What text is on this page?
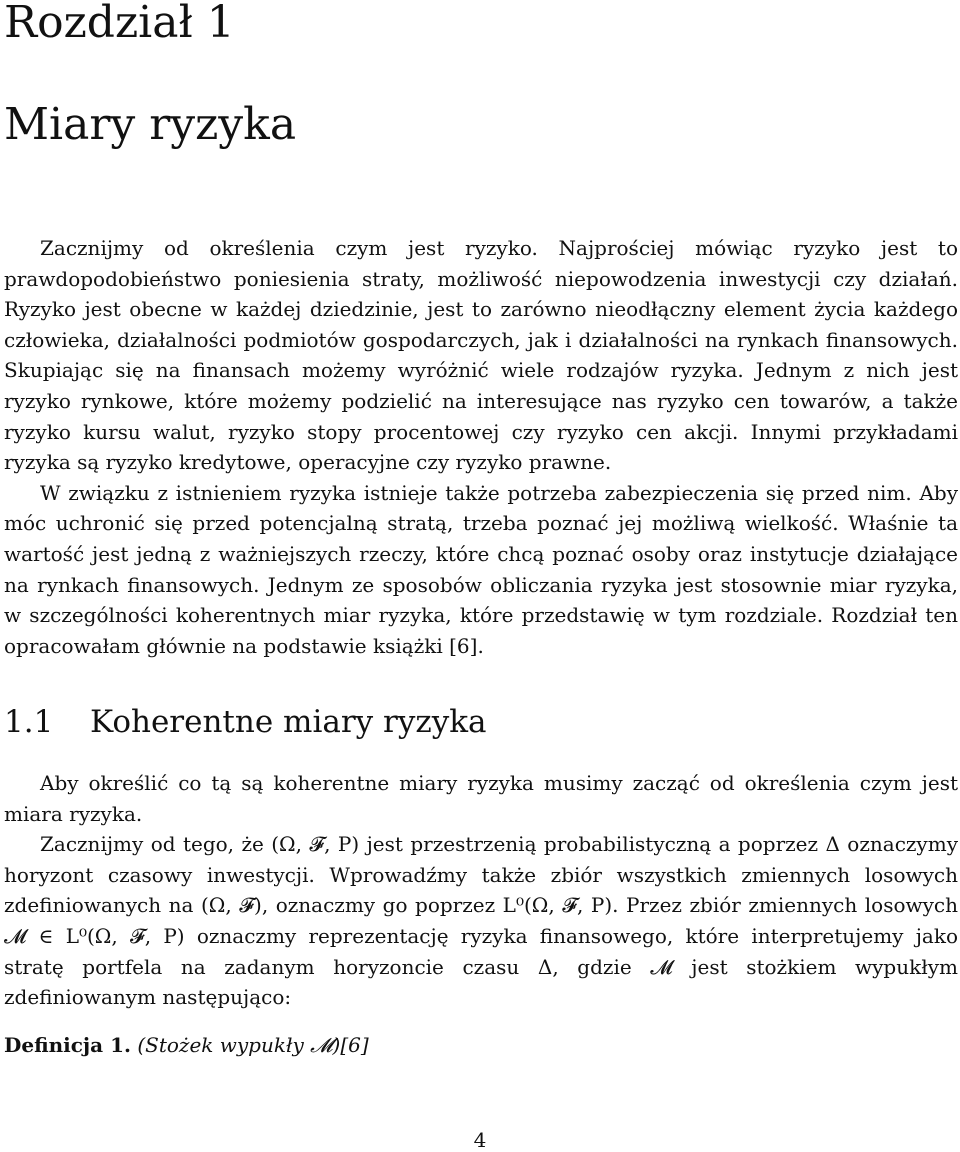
Rozdział 1
Miary ryzyka

Zacznijmy od określenia czym jest ryzyko. Najprościej mówiąc ryzyko jest to prawdopodobieństwo poniesienia straty, możliwość niepowodzenia inwestycji czy działań. Ryzyko jest obecne w każdej dziedzinie, jest to zarówno nieodłączny element życia każdego człowieka, działalności podmiotów gospodarczych, jak i działalności na rynkach finansowych. Skupiając się na finansach możemy wyróżnić wiele rodzajów ryzyka. Jednym z nich jest ryzyko rynkowe, które możemy podzielić na interesujące nas ryzyko cen towarów, a także ryzyko kursu walut, ryzyko stopy procentowej czy ryzyko cen akcji. Innymi przykładami ryzyka są ryzyko kredytowe, operacyjne czy ryzyko prawne.

W związku z istnieniem ryzyka istnieje także potrzeba zabezpieczenia się przed nim. Aby móc uchronić się przed potencjalną stratą, trzeba poznać jej możliwą wielkość. Właśnie ta wartość jest jedną z ważniejszych rzeczy, które chcą poznać osoby oraz instytucje działające na rynkach finansowych. Jednym ze sposobów obliczania ryzyka jest stosownie miar ryzyka, w szczególności koherentnych miar ryzyka, które przedstawię w tym rozdziale. Rozdział ten opracowałam głównie na podstawie książki [6].

1.1 Koherentne miary ryzyka

Aby określić co tą są koherentne miary ryzyka musimy zacząć od określenia czym jest miara ryzyka.

Zacznijmy od tego, że (Ω, 𝓕, P) jest przestrzenią probabilistyczną a poprzez Δ oznaczymy horyzont czasowy inwestycji. Wprowadźmy także zbiór wszystkich zmiennych losowych zdefiniowanych na (Ω, 𝓕), oznaczmy go poprzez L⁰(Ω, 𝓕, P). Przez zbiór zmiennych losowych 𝓜 ∈ L⁰(Ω, 𝓕, P) oznaczmy reprezentację ryzyka finansowego, które interpretujemy jako stratę portfela na zadanym horyzoncie czasu Δ, gdzie 𝓜 jest stożkiem wypukłym zdefiniowanym następująco:

Definicja 1. (Stożek wypukły 𝓜)[6]
4
